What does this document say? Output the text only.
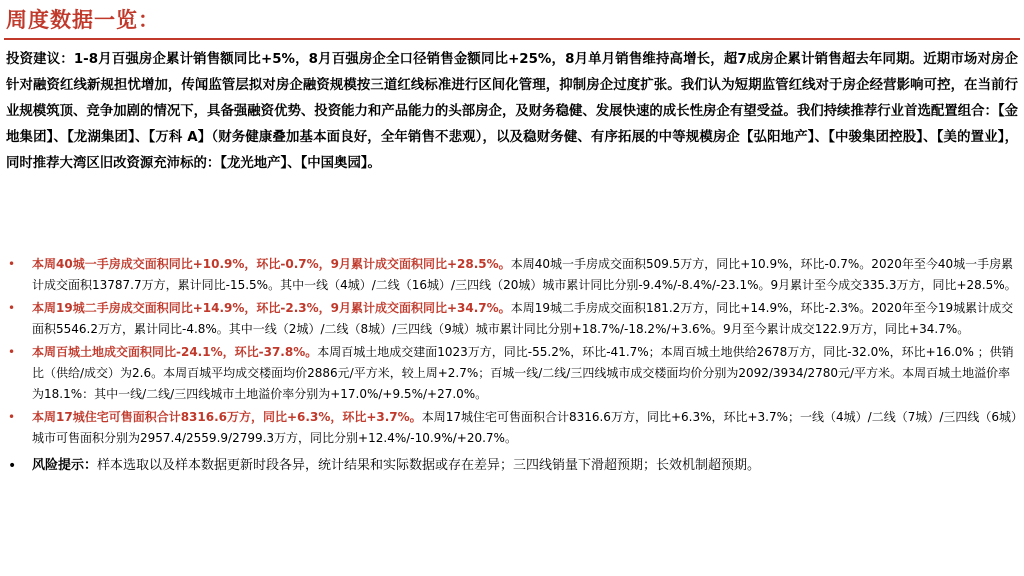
周度数据一览：

投资建议：1-8月百强房企累计销售额同比+5%，8月百强房企全口径销售金额同比+25%，8月单月销售维持高增长，超7成房企累计销售超去年同期。近期市场对房企针对融资红线新规担忧增加，传闻监管层拟对房企融资规模按三道红线标准进行区间化管理，抑制房企过度扩张。我们认为短期监管红线对于房企经营影响可控，在当前行业规模筑顶、竞争加剧的情况下，具备强融资优势、投资能力和产品能力的头部房企，及财务稳健、发展快速的成长性房企有望受益。我们持续推荐行业首选配置组合：【金地集团】、【龙湖集团】、【万科 A】（财务健康叠加基本面良好，全年销售不悲观），以及稳财务健、有序拓展的中等规模房企【弘阳地产】、【中骏集团控股】、【美的置业】，同时推荐大湾区旧改资源充沛标的：【龙光地产】、【中国奥园】。

• 本周40城一手房成交面积同比+10.9%，环比-0.7%，9月累计成交面积同比+28.5%。本周40城一手房成交面积509.5万方，同比+10.9%，环比-0.7%。2020年至今40城一手房累计成交面积13787.7万方，累计同比-15.5%。其中一线（4城）/二线（16城）/三四线（20城）城市累计同比分别-9.4%/-8.4%/-23.1%。9月累计至今成交335.3万方，同比+28.5%。
• 本周19城二手房成交面积同比+14.9%，环比-2.3%，9月累计成交面积同比+34.7%。本周19城二手房成交面积181.2万方，同比+14.9%，环比-2.3%。2020年至今19城累计成交面积5546.2万方，累计同比-4.8%。其中一线（2城）/二线（8城）/三四线（9城）城市累计同比分别+18.7%/-18.2%/+3.6%。9月至今累计成交122.9万方，同比+34.7%。
• 本周百城土地成交面积同比-24.1%，环比-37.8%。本周百城土地成交建面1023万方，同比-55.2%，环比-41.7%；本周百城土地供给2678万方，同比-32.0%，环比+16.0% ；供销比（供给/成交）为2.6。本周百城平均成交楼面均价2886元/平方米，较上周+2.7%；百城一线/二线/三四线城市成交楼面均价分别为2092/3934/2780元/平方米。本周百城土地溢价率为18.1%：其中一线/二线/三四线城市土地溢价率分别为+17.0%/+9.5%/+27.0%。
• 本周17城住宅可售面积合计8316.6万方，同比+6.3%，环比+3.7%。本周17城住宅可售面积合计8316.6万方，同比+6.3%，环比+3.7%；一线（4城）/二线（7城）/三四线（6城）城市可售面积分别为2957.4/2559.9/2799.3万方，同比分别+12.4%/-10.9%/+20.7%。
• 风险提示：样本选取以及样本数据更新时段各异，统计结果和实际数据或存在差异；三四线销量下滑超预期；长效机制超预期。
